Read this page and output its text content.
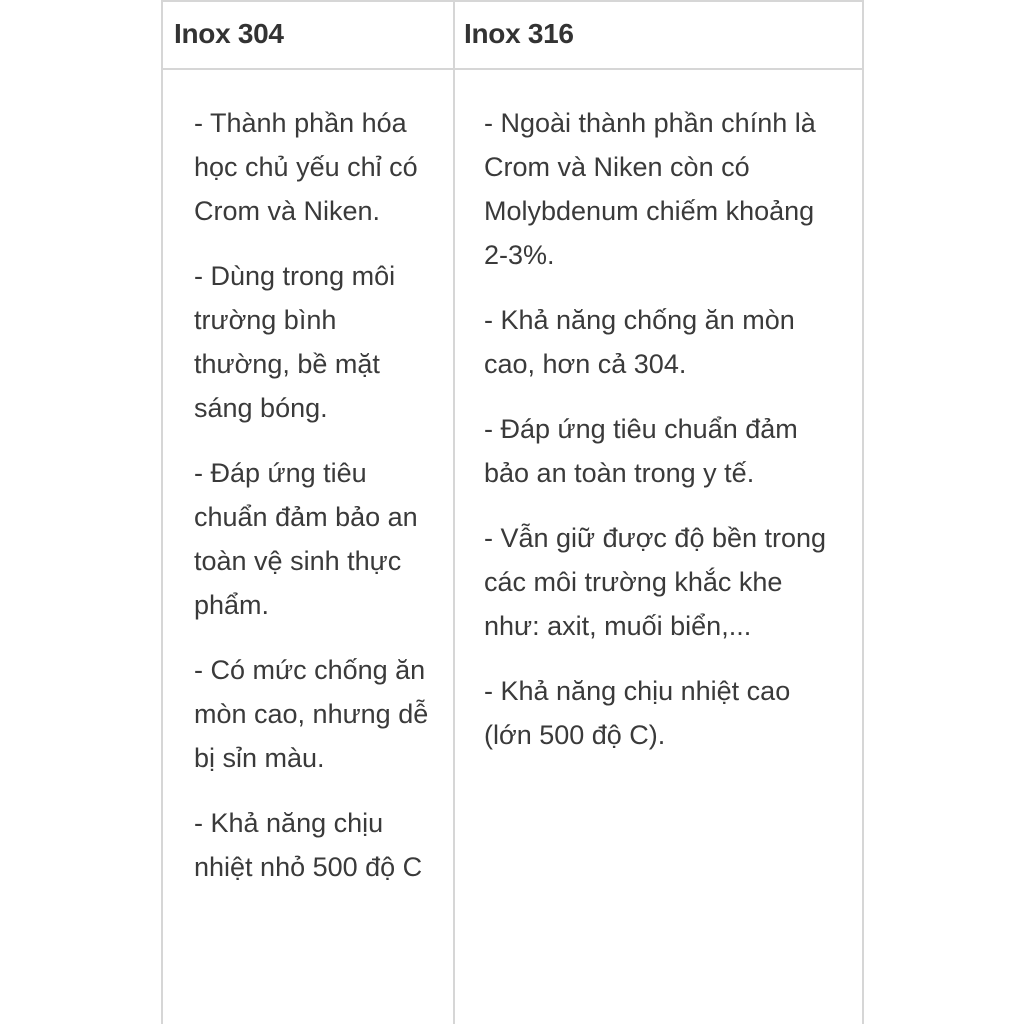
Inox 304	Inox 316

- Thành phần hóa học chủ yếu chỉ có Crom và Niken.

- Dùng trong môi trường bình thường, bề mặt sáng bóng.

- Đáp ứng tiêu chuẩn đảm bảo an toàn vệ sinh thực phẩm.

- Có mức chống ăn mòn cao, nhưng dễ bị sỉn màu.

- Khả năng chịu nhiệt nhỏ 500 độ C

- Ngoài thành phần chính là Crom và Niken còn có Molybdenum chiếm khoảng 2-3%.

- Khả năng chống ăn mòn cao, hơn cả 304.

- Đáp ứng tiêu chuẩn đảm bảo an toàn trong y tế.

- Vẫn giữ được độ bền trong các môi trường khắc khe như: axit, muối biển,...

- Khả năng chịu nhiệt cao (lớn 500 độ C).
